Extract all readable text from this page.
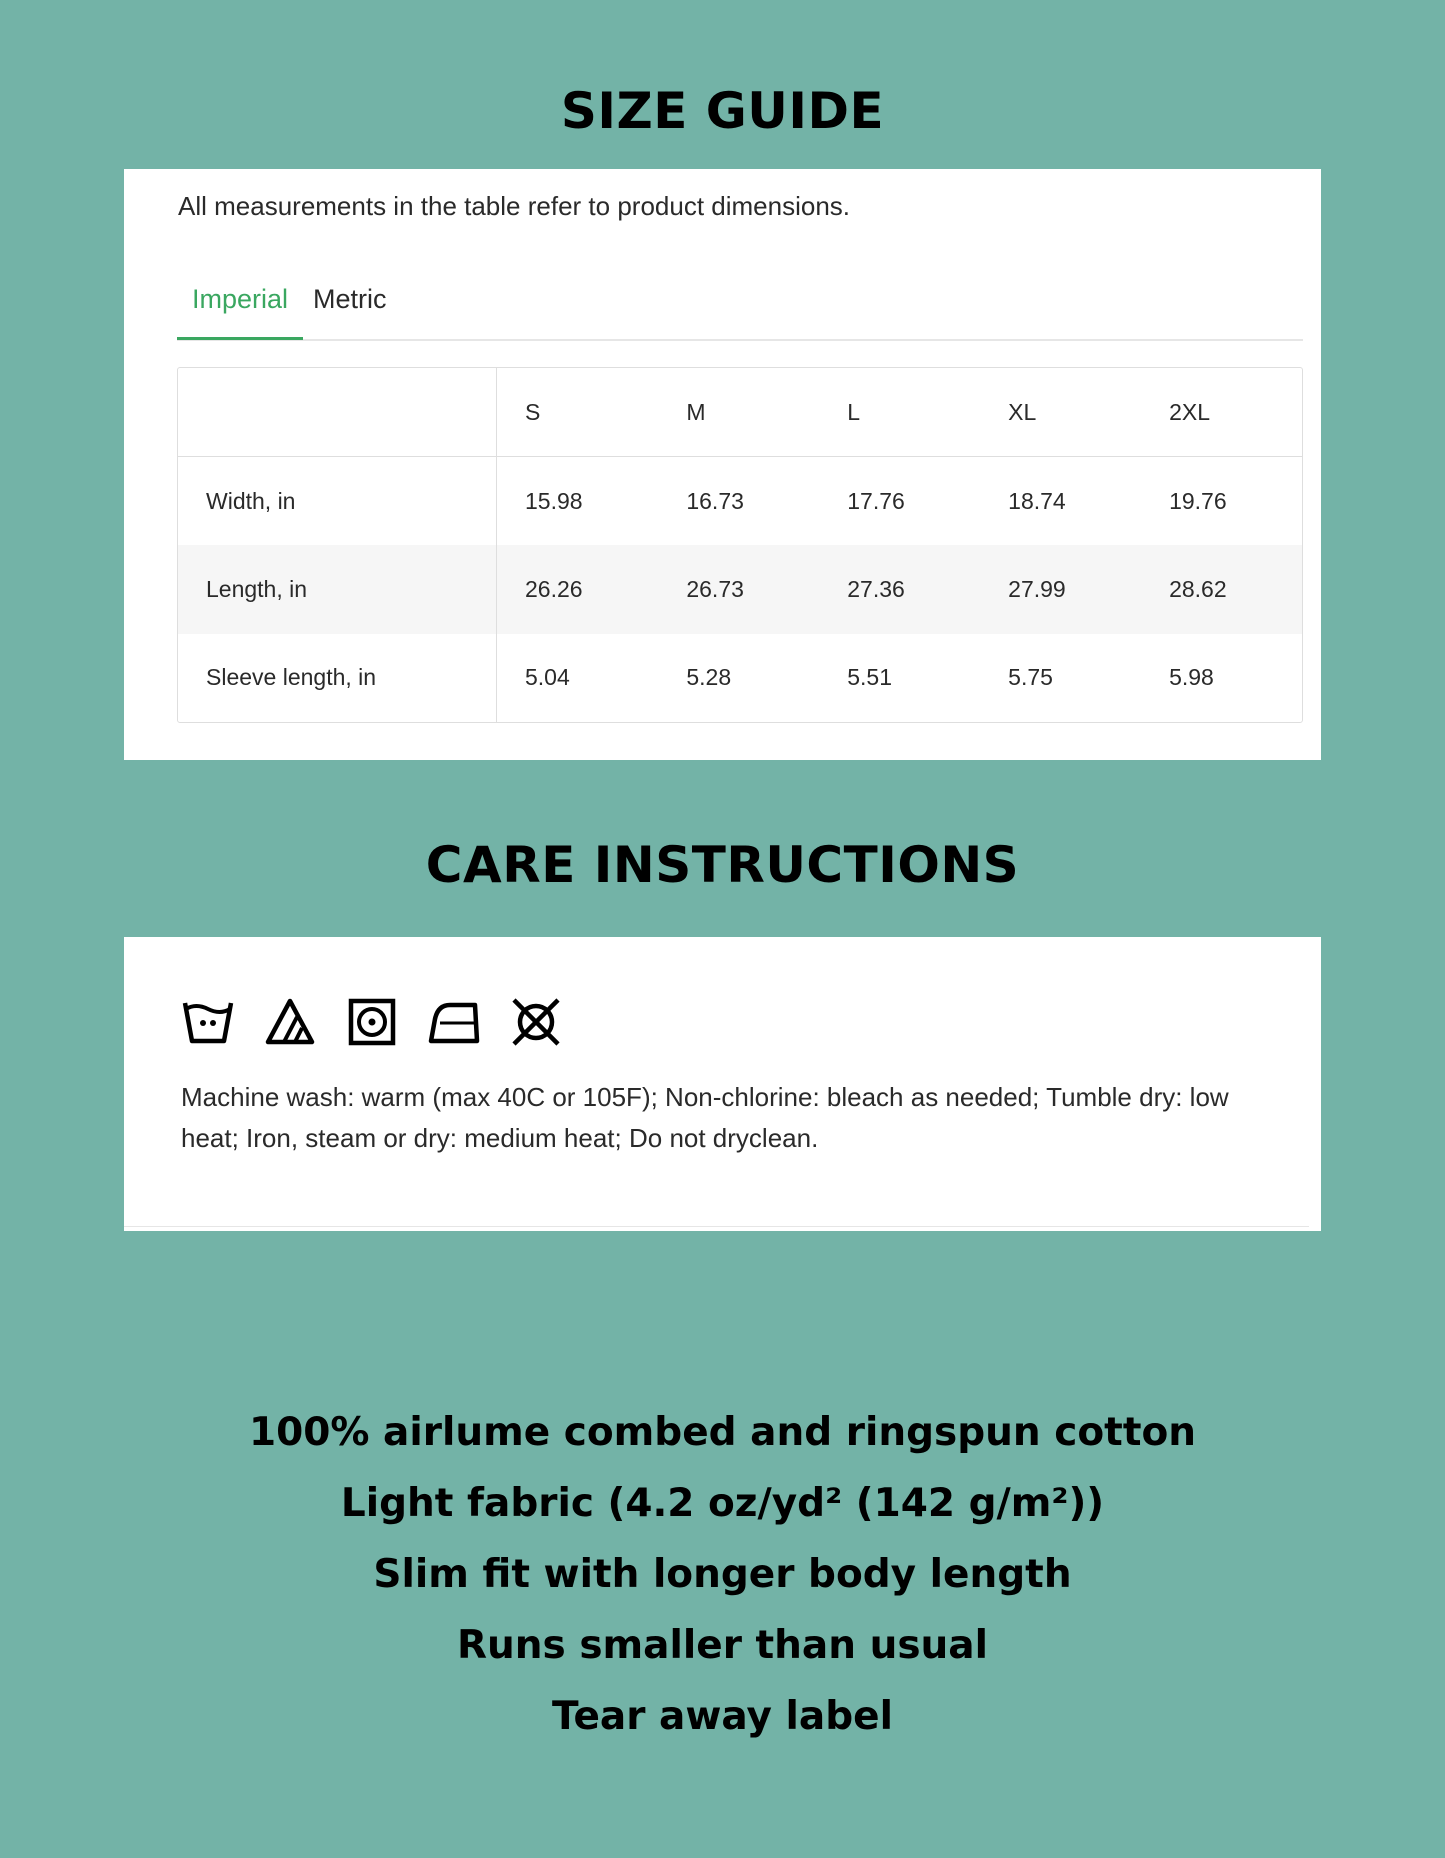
SIZE GUIDE
All measurements in the table refer to product dimensions.
Imperial Metric
	S	M	L	XL	2XL
Width, in	15.98	16.73	17.76	18.74	19.76
Length, in	26.26	26.73	27.36	27.99	28.62
Sleeve length, in	5.04	5.28	5.51	5.75	5.98
CARE INSTRUCTIONS
Machine wash: warm (max 40C or 105F); Non-chlorine: bleach as needed; Tumble dry: low heat; Iron, steam or dry: medium heat; Do not dryclean.
100% airlume combed and ringspun cotton
Light fabric (4.2 oz/yd² (142 g/m²))
Slim fit with longer body length
Runs smaller than usual
Tear away label
